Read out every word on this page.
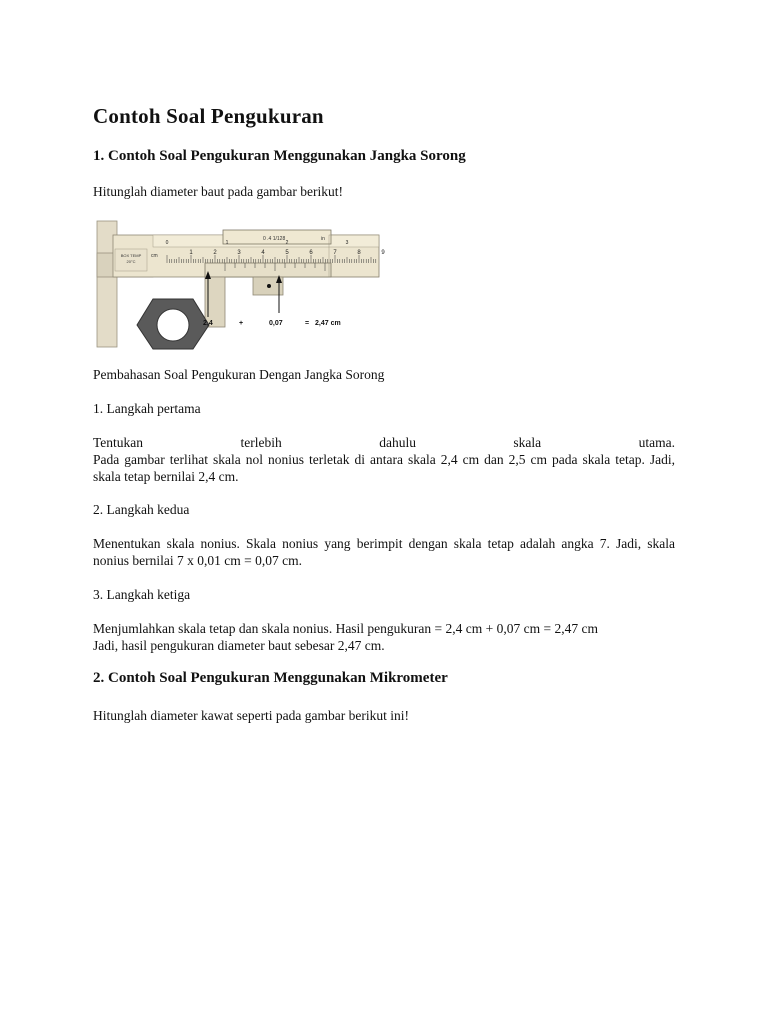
Contoh Soal Pengukuran
1. Contoh Soal Pengukuran Menggunakan Jangka Sorong

Hitunglah diameter baut pada gambar berikut!

BOX TEMP
20°C
0 .4 1/128	in
1	2	3	4	5	6	7	8	9
0	1	2	3
cm
2,4	+	0,07	= 2,47 cm

Pembahasan Soal Pengukuran Dengan Jangka Sorong

1. Langkah pertama

Tentukan terlebih dahulu skala utama.

Pada gambar terlihat skala nol nonius terletak di antara skala 2,4 cm dan 2,5 cm pada skala tetap. Jadi, skala tetap bernilai 2,4 cm.

2. Langkah kedua

Menentukan skala nonius. Skala nonius yang berimpit dengan skala tetap adalah angka 7. Jadi, skala nonius bernilai 7 x 0,01 cm = 0,07 cm.

3. Langkah ketiga

Menjumlahkan skala tetap dan skala nonius. Hasil pengukuran = 2,4 cm + 0,07 cm = 2,47 cm

Jadi, hasil pengukuran diameter baut sebesar 2,47 cm.

2. Contoh Soal Pengukuran Menggunakan Mikrometer

Hitunglah diameter kawat seperti pada gambar berikut ini!
